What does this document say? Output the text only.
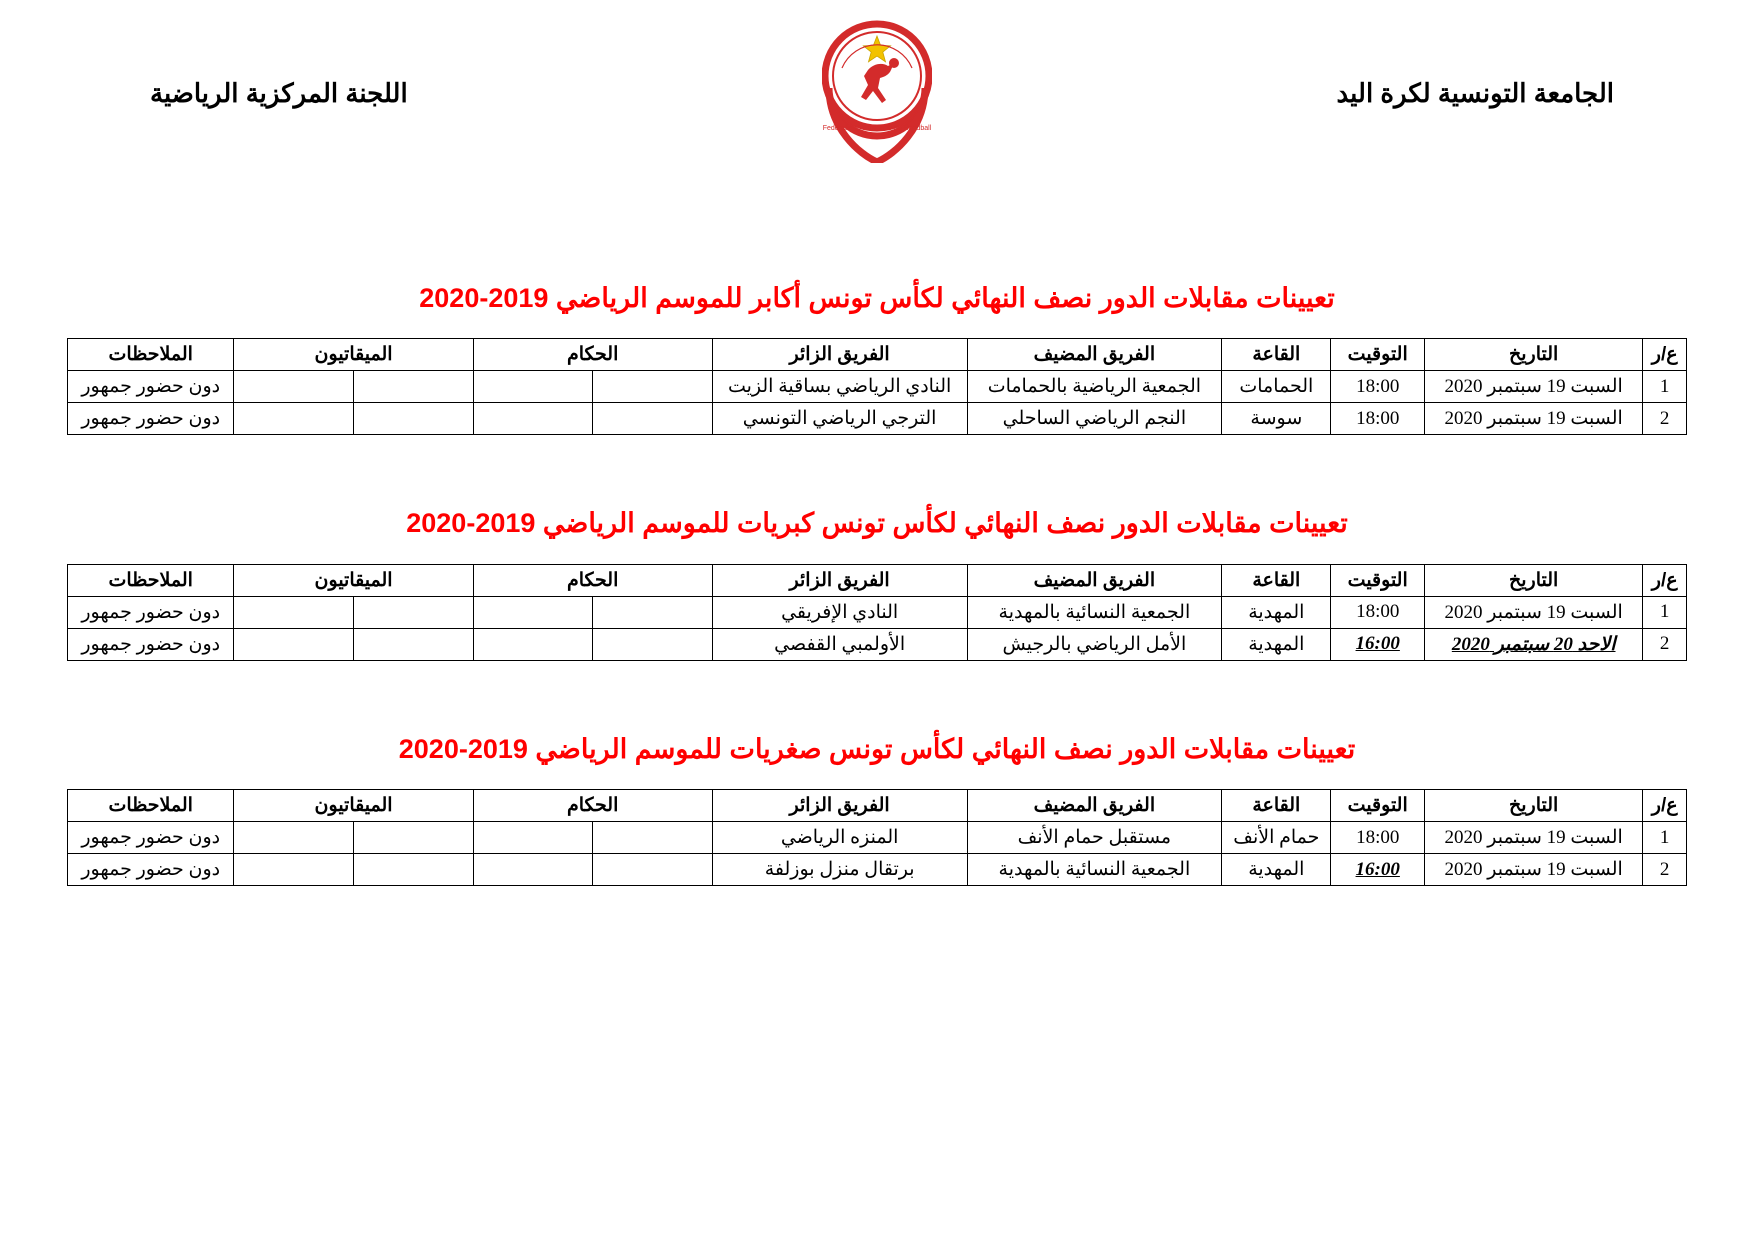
الجامعة التونسية لكرة اليد
اللجنة المركزية الرياضية
Federation Tunisienne de Handball
تعيينات مقابلات الدور نصف النهائي لكأس تونس أكابر للموسم الرياضي 2019-2020
ع/ر	التاريخ	التوقيت	القاعة	الفريق المضيف	الفريق الزائر	الحكام		الميقاتيون		الملاحظات
1	السبت 19 سبتمبر 2020	18:00	الحمامات	الجمعية الرياضية بالحمامات	النادي الرياضي بساقية الزيت					دون حضور جمهور
2	السبت 19 سبتمبر 2020	18:00	سوسة	النجم الرياضي الساحلي	الترجي الرياضي التونسي					دون حضور جمهور
تعيينات مقابلات الدور نصف النهائي لكأس تونس كبريات للموسم الرياضي 2019-2020
ع/ر	التاريخ	التوقيت	القاعة	الفريق المضيف	الفريق الزائر	الحكام		الميقاتيون		الملاحظات
1	السبت 19 سبتمبر 2020	18:00	المهدية	الجمعية النسائية بالمهدية	النادي الإفريقي					دون حضور جمهور
2	الاحد 20 سبتمبر 2020	16:00	المهدية	الأمل الرياضي بالرجيش	الأولمبي القفصي					دون حضور جمهور
تعيينات مقابلات الدور نصف النهائي لكأس تونس صغريات للموسم الرياضي 2019-2020
ع/ر	التاريخ	التوقيت	القاعة	الفريق المضيف	الفريق الزائر	الحكام		الميقاتيون		الملاحظات
1	السبت 19 سبتمبر 2020	18:00	حمام الأنف	مستقبل حمام الأنف	المنزه الرياضي					دون حضور جمهور
2	السبت 19 سبتمبر 2020	16:00	المهدية	الجمعية النسائية بالمهدية	برتقال منزل بوزلفة					دون حضور جمهور
